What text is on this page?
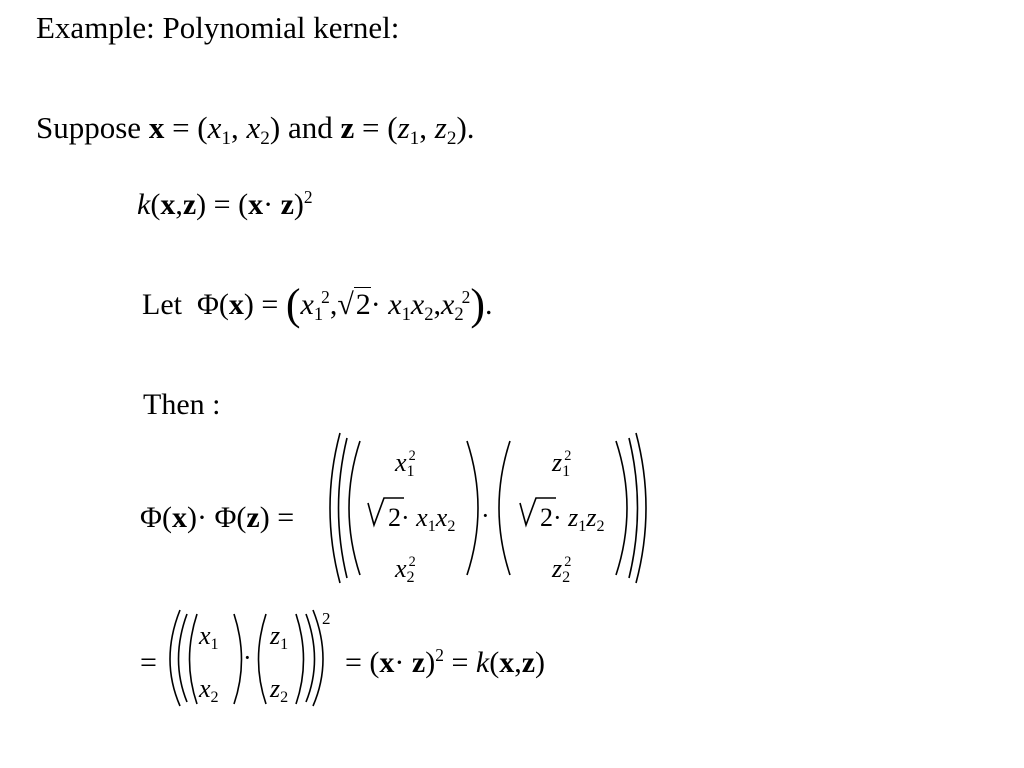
Example: Polynomial kernel:
Suppose x = (x1, x2) and z = (z1, z2).
$k(x,z) = (x\cdot z)^2$
Let $\Phi(x) = (x1^2,√2\cdot x1x2,x2^2)$.
Then :
Φ(x)· Φ(z) =
$x1^2$
2· x1x2
$x2^2$
·
$z1^2$
2· z1z2
$z2^2$
=
x1
x2
·
z1
z2
2
= $(x\cdot z)^2 = k(x,z)$
